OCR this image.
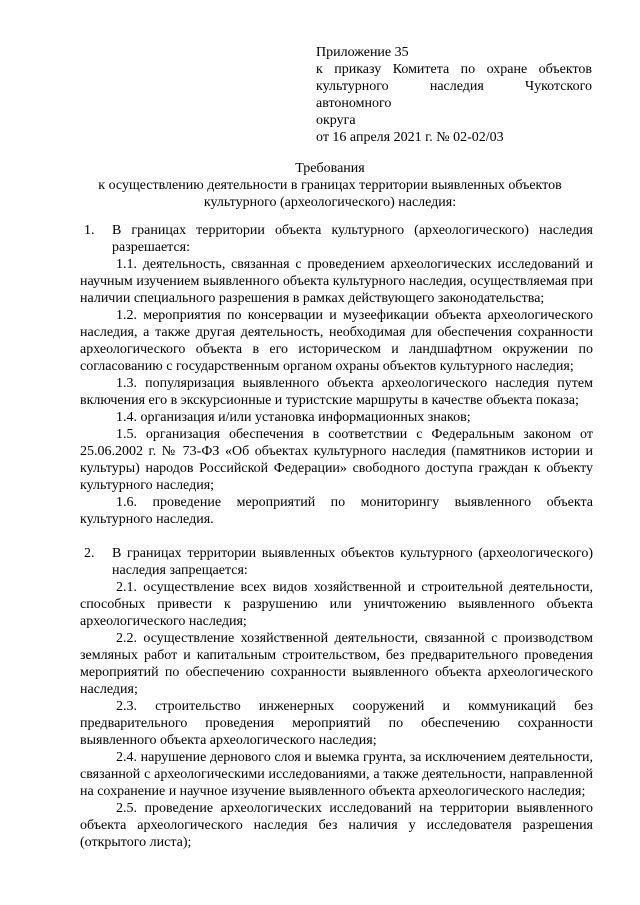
Приложение 35
к приказу Комитета по охране объектов
культурного наследия Чукотского автономного
округа
от 16 апреля 2021 г. № 02-02/03
Требования
к осуществлению деятельности в границах территории выявленных объектов
культурного (археологического) наследия:
1.	В границах территории объекта культурного (археологического) наследия разрешается:

1.1. деятельность, связанная с проведением археологических исследований и научным изучением выявленного объекта культурного наследия, осуществляемая при наличии специального разрешения в рамках действующего законодательства;

1.2. мероприятия по консервации и музеефикации объекта археологического наследия, а также другая деятельность, необходимая для обеспечения сохранности археологического объекта в его историческом и ландшафтном окружении по согласованию с государственным органом охраны объектов культурного наследия;

1.3. популяризация выявленного объекта археологического наследия путем включения его в экскурсионные и туристские маршруты в качестве объекта показа;

1.4. организация и/или установка информационных знаков;

1.5. организация обеспечения в соответствии с Федеральным законом от 25.06.2002 г. № 73-ФЗ «Об объектах культурного наследия (памятников истории и культуры) народов Российской Федерации» свободного доступа граждан к объекту культурного наследия;

1.6. проведение мероприятий по мониторингу выявленного объекта культурного наследия.

2.	В границах территории выявленных объектов культурного (археологического) наследия запрещается:

2.1. осуществление всех видов хозяйственной и строительной деятельности, способных привести к разрушению или уничтожению выявленного объекта археологического наследия;

2.2. осуществление хозяйственной деятельности, связанной с производством земляных работ и капитальным строительством, без предварительного проведения мероприятий по обеспечению сохранности выявленного объекта археологического наследия;

2.3. строительство инженерных сооружений и коммуникаций без предварительного проведения мероприятий по обеспечению сохранности выявленного объекта археологического наследия;

2.4. нарушение дернового слоя и выемка грунта, за исключением деятельности, связанной с археологическими исследованиями, а также деятельности, направленной на сохранение и научное изучение выявленного объекта археологического наследия;

2.5. проведение археологических исследований на территории выявленного объекта археологического наследия без наличия у исследователя разрешения (открытого листа);
